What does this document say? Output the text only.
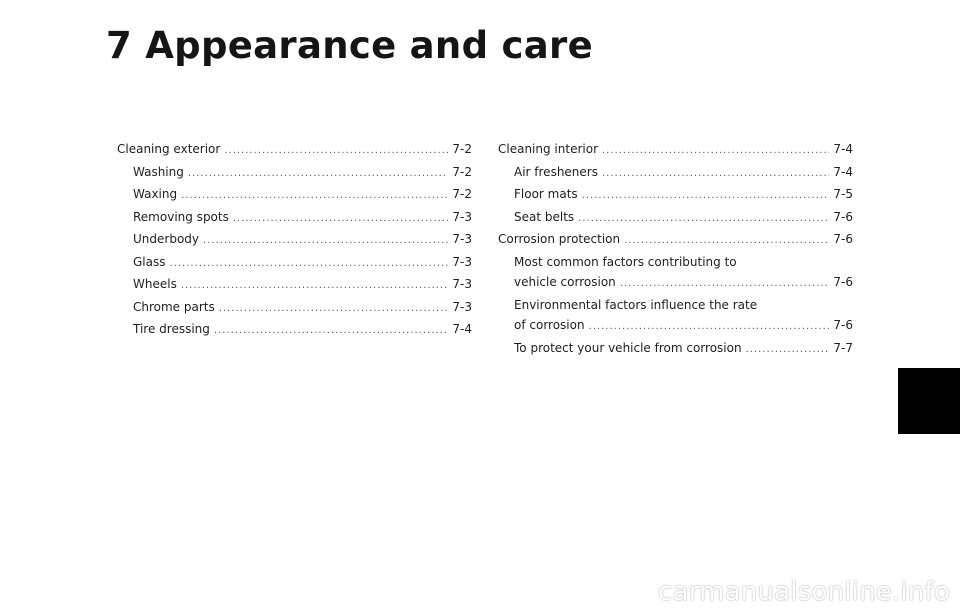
7 Appearance and care
Cleaning exterior .....	7-2
Washing .....	7-2
Waxing .....	7-2
Removing spots .....	7-3
Underbody .....	7-3
Glass .....	7-3
Wheels .....	7-3
Chrome parts .....	7-3
Tire dressing .....	7-4
Cleaning interior .....	7-4
Air fresheners .....	7-4
Floor mats .....	7-5
Seat belts .....	7-6
Corrosion protection .....	7-6
Most common factors contributing to
vehicle corrosion .....	7-6
Environmental factors influence the rate
of corrosion .....	7-6
To protect your vehicle from corrosion .....	7-7
carmanualsonline.info
